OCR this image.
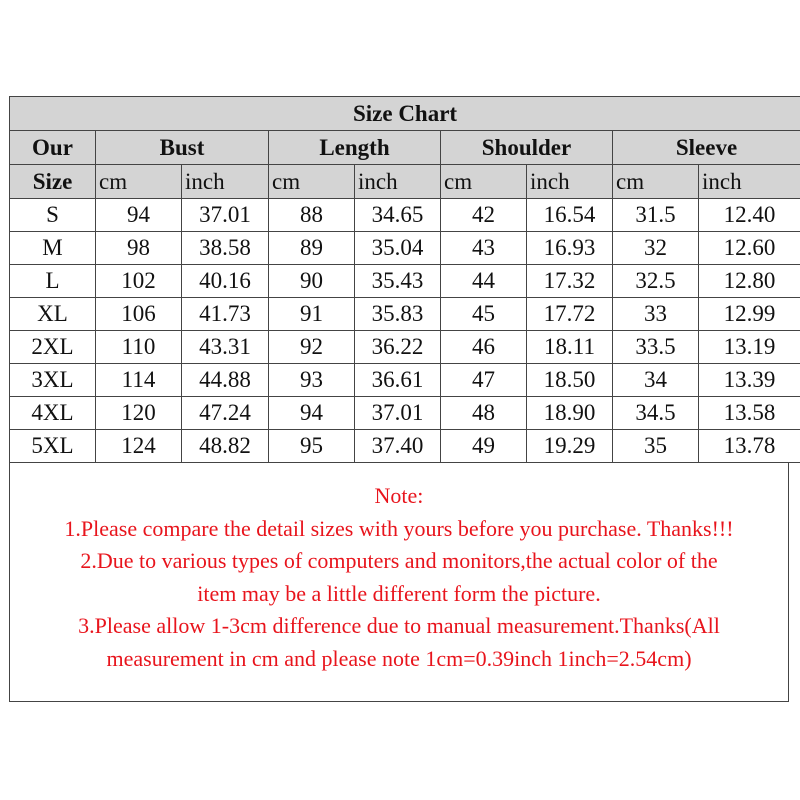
Size Chart								
Our	Bust		Length		Shoulder		Sleeve	
Size	cm	inch	cm	inch	cm	inch	cm	inch
S	94	37.01	88	34.65	42	16.54	31.5	12.40
M	98	38.58	89	35.04	43	16.93	32	12.60
L	102	40.16	90	35.43	44	17.32	32.5	12.80
XL	106	41.73	91	35.83	45	17.72	33	12.99
2XL	110	43.31	92	36.22	46	18.11	33.5	13.19
3XL	114	44.88	93	36.61	47	18.50	34	13.39
4XL	120	47.24	94	37.01	48	18.90	34.5	13.58
5XL	124	48.82	95	37.40	49	19.29	35	13.78
Note:
1.Please compare the detail sizes with yours before you purchase. Thanks!!!
2.Due to various types of computers and monitors,the actual color of the
item may be a little different form the picture.
3.Please allow 1-3cm difference due to manual measurement.Thanks(All
measurement in cm and please note 1cm=0.39inch 1inch=2.54cm)
